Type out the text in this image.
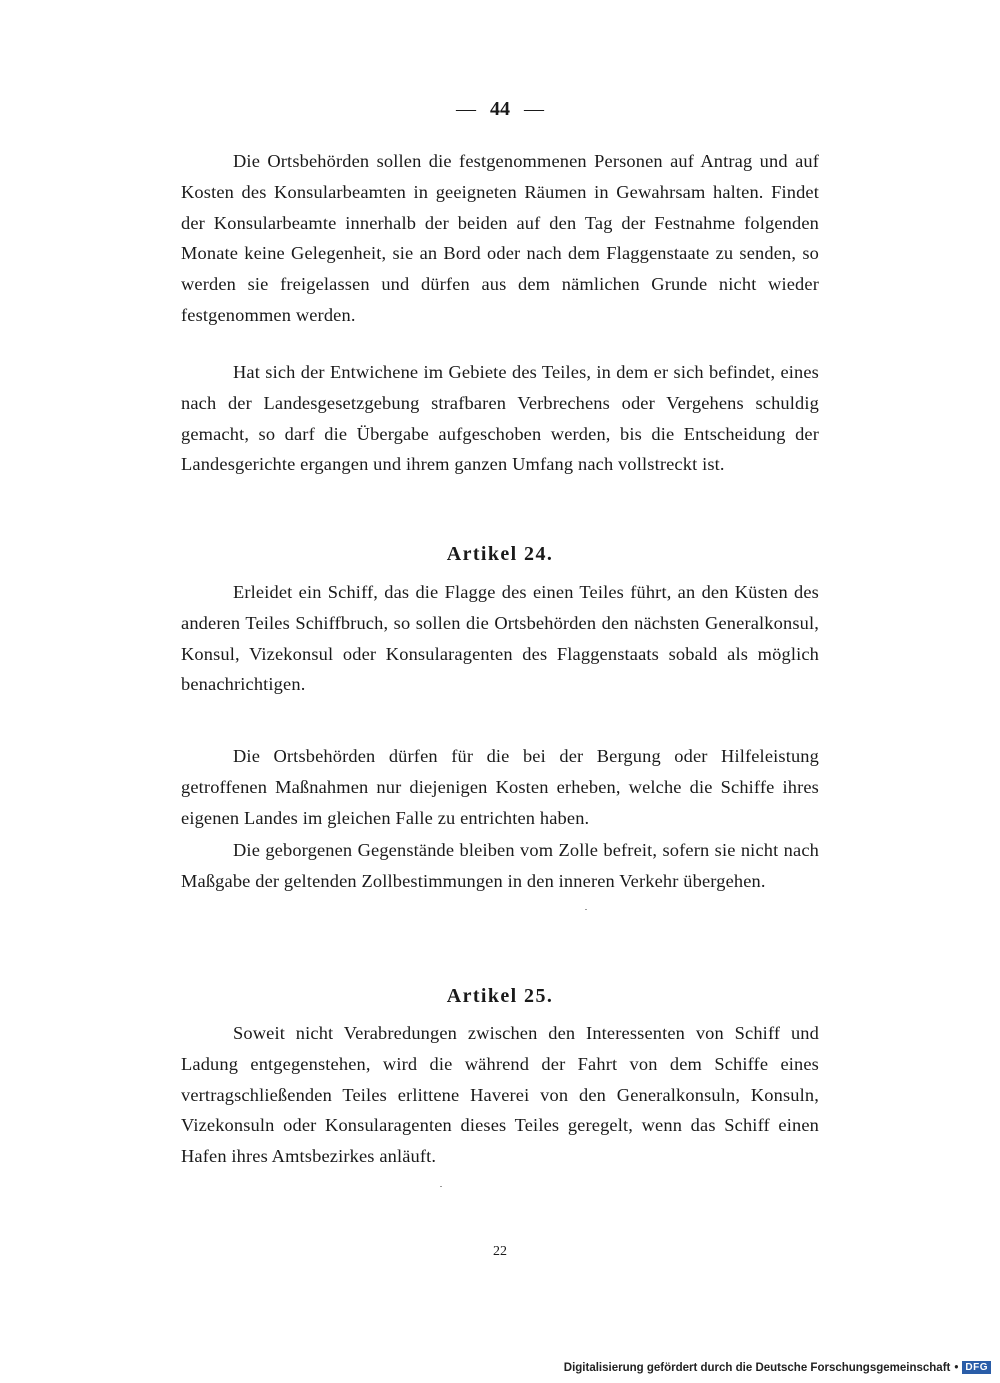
— 44 —

Die Ortsbehörden sollen die festgenommenen Personen auf Antrag und auf Kosten des Konsularbeamten in geeigneten Räumen in Gewahrsam halten. Findet der Konsularbeamte innerhalb der beiden auf den Tag der Festnahme folgenden Monate keine Gelegenheit, sie an Bord oder nach dem Flaggenstaate zu senden, so werden sie freigelassen und dürfen aus dem nämlichen Grunde nicht wieder festgenommen werden.

Hat sich der Entwichene im Gebiete des Teiles, in dem er sich befindet, eines nach der Landesgesetzgebung strafbaren Verbrechens oder Vergehens schuldig gemacht, so darf die Übergabe aufgeschoben werden, bis die Entscheidung der Landesgerichte ergangen und ihrem ganzen Umfang nach vollstreckt ist.

Artikel 24.

Erleidet ein Schiff, das die Flagge des einen Teiles führt, an den Küsten des anderen Teiles Schiffbruch, so sollen die Ortsbehörden den nächsten Generalkonsul, Konsul, Vizekonsul oder Konsularagenten des Flaggenstaats sobald als möglich benachrichtigen.

Die Ortsbehörden dürfen für die bei der Bergung oder Hilfeleistung getroffenen Maßnahmen nur diejenigen Kosten erheben, welche die Schiffe ihres eigenen Landes im gleichen Falle zu entrichten haben.

Die geborgenen Gegenstände bleiben vom Zolle befreit, sofern sie nicht nach Maßgabe der geltenden Zollbestimmungen in den inneren Verkehr übergehen.

Artikel 25.

Soweit nicht Verabredungen zwischen den Interessenten von Schiff und Ladung entgegenstehen, wird die während der Fahrt von dem Schiffe eines vertragschließenden Teiles erlittene Haverei von den Generalkonsuln, Konsuln, Vizekonsuln oder Konsularagenten dieses Teiles geregelt, wenn das Schiff einen Hafen ihres Amtsbezirkes anläuft.

22
Digitalisierung gefördert durch die Deutsche Forschungsgemeinschaft • DFG
